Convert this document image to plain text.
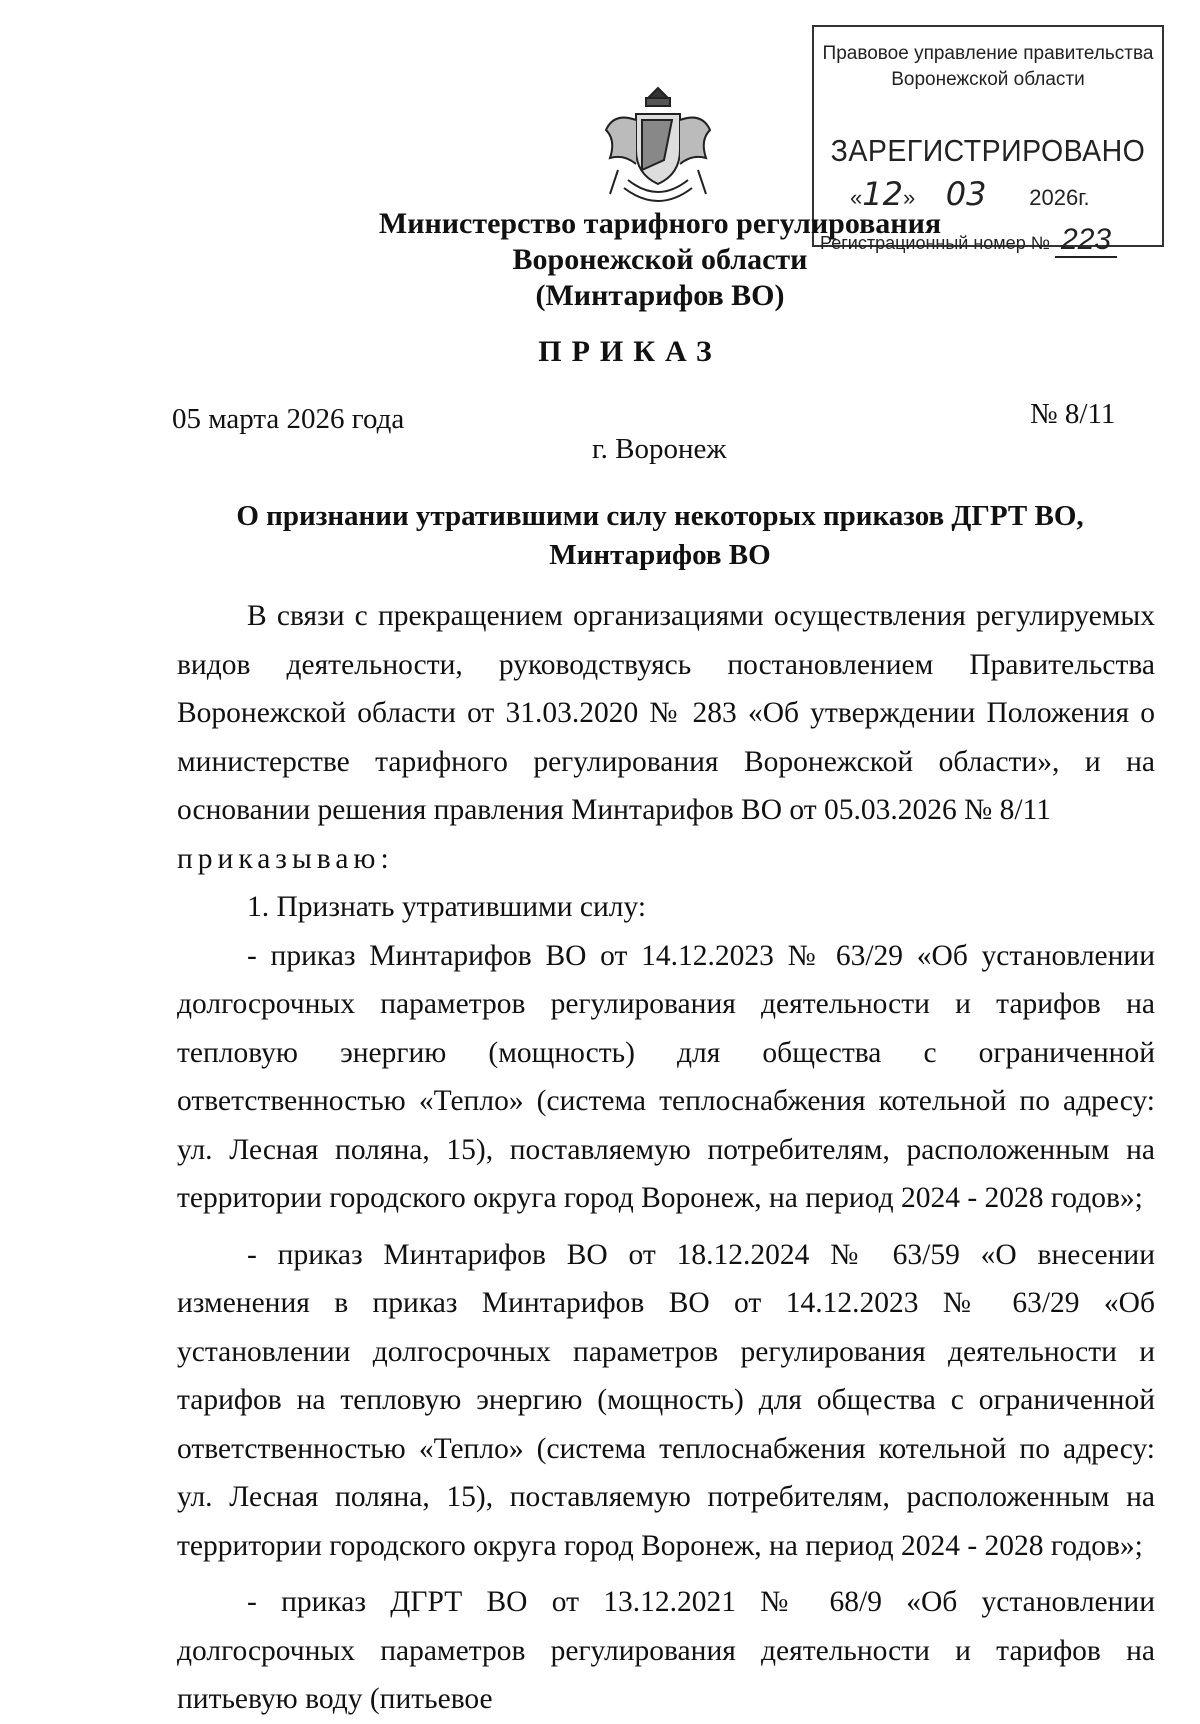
Правовое управление правительства
Воронежской области
ЗАРЕГИСТРИРОВАНО
«12»     03 2026г.
Регистрационный номер № 223
Министерство тарифного регулирования
Воронежской области
(Минтарифов ВО)
ПРИКАЗ
05 марта 2026 года	№ 8/11
г. Воронеж
О признании утратившими силу некоторых приказов ДГРТ ВО,
Минтарифов ВО

В связи с прекращением организациями осуществления регулируемых видов деятельности, руководствуясь постановлением Правительства Воронежской области от 31.03.2020 № 283 «Об утверждении Положения о министерстве тарифного регулирования Воронежской области», и на основании решения правления Минтарифов ВО от 05.03.2026 № 8/11

приказываю:

1. Признать утратившими силу:

- приказ Минтарифов ВО от 14.12.2023 № 63/29 «Об установлении долгосрочных параметров регулирования деятельности и тарифов на тепловую энергию (мощность) для общества с ограниченной ответственностью «Тепло» (система теплоснабжения котельной по адресу: ул. Лесная поляна, 15), поставляемую потребителям, расположенным на территории городского округа город Воронеж, на период 2024 - 2028 годов»;

- приказ Минтарифов ВО от 18.12.2024 № 63/59 «О внесении изменения в приказ Минтарифов ВО от 14.12.2023 № 63/29 «Об установлении долгосрочных параметров регулирования деятельности и тарифов на тепловую энергию (мощность) для общества с ограниченной ответственностью «Тепло» (система теплоснабжения котельной по адресу: ул. Лесная поляна, 15), поставляемую потребителям, расположенным на территории городского округа город Воронеж, на период 2024 - 2028 годов»;

- приказ ДГРТ ВО от 13.12.2021 № 68/9 «Об установлении долгосрочных параметров регулирования деятельности и тарифов на питьевую воду (питьевое
